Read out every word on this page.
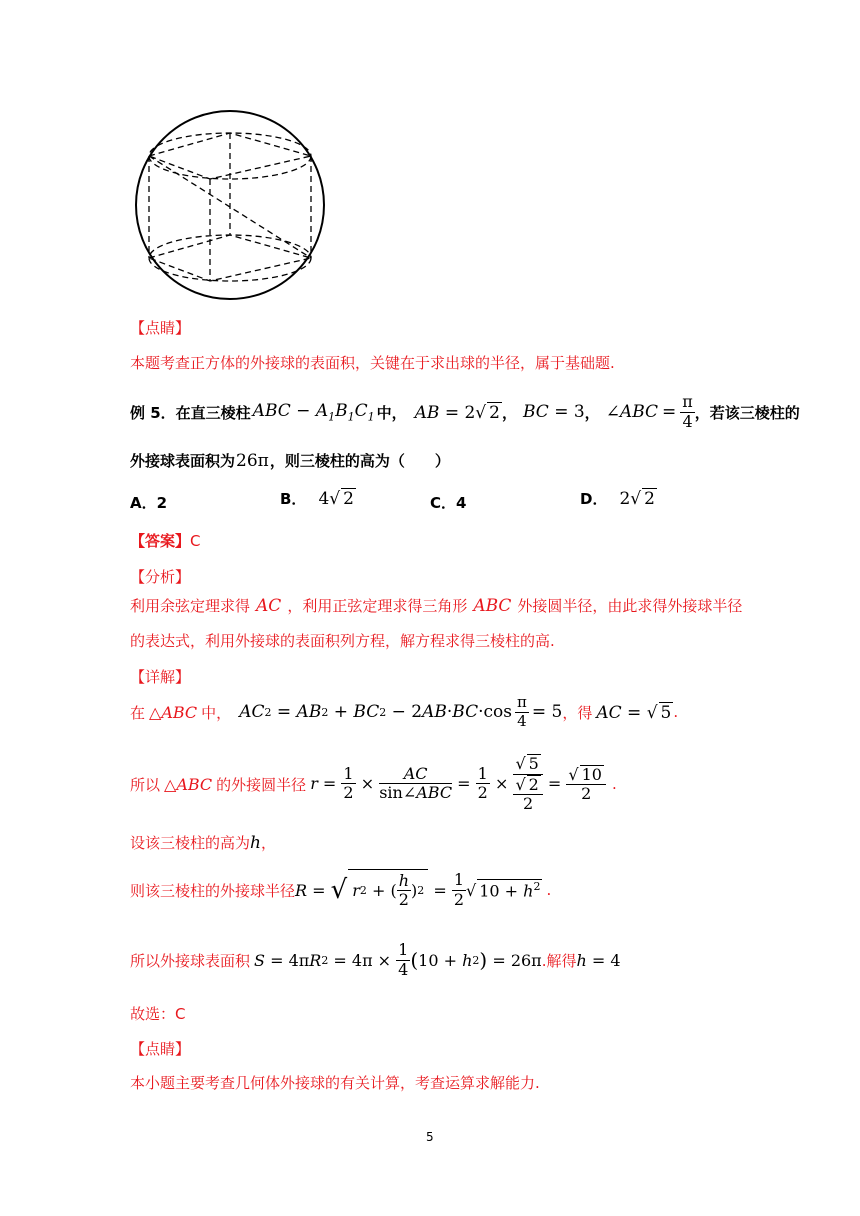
【点睛】
本题考查正方体的外接球的表面积，关键在于求出球的半径，属于基础题.
例 5．在直三棱柱 ABC − $A_1B_1C_1$ 中， AB = 2√ 2 ， BC = 3 ， ∠ABC = $\frac{\pi}{4}$ ，若该三棱柱的
外接球表面积为 26π ，则三棱柱的高为（　　）
A．2	B． 4√ 2	C．4	D． 2√ 2
【答案】C
【分析】
利用余弦定理求得 AC ，利用正弦定理求得三角形 ABC 外接圆半径，由此求得外接球半径
的表达式，利用外接球的表面积列方程，解方程求得三棱柱的高.
【详解】
在 △ABC 中， AC 2 = AB 2 + BC 2 − 2 AB · BC $\cdot\cos \frac{\pi}{4} = 5$ ，得 AC = √ 5 .
所以 △ABC 的外接圆半径 $r = \frac{1}{2} \times \frac{AC}{\text{sin∠ABC}} = \frac{1}{2} \times \frac{√ 5}{\frac{√ 2}{2}} = \frac{√ 10}{2}$ .
设该三棱柱的高为 h ，
则该三棱柱的外接球半径 R = √ r 2 + ( $\frac{h}{2}$ ) $2 = \frac{1}{2}$ √ $10 + h^2$ .
所以外接球表面积 S = 4π R $2 = 4\pi \times \frac{1}{4}$ ( 10 + h 2 ) = 26π .解得 h = 4
故选：C
【点睛】
本小题主要考查几何体外接球的有关计算，考查运算求解能力.
5
